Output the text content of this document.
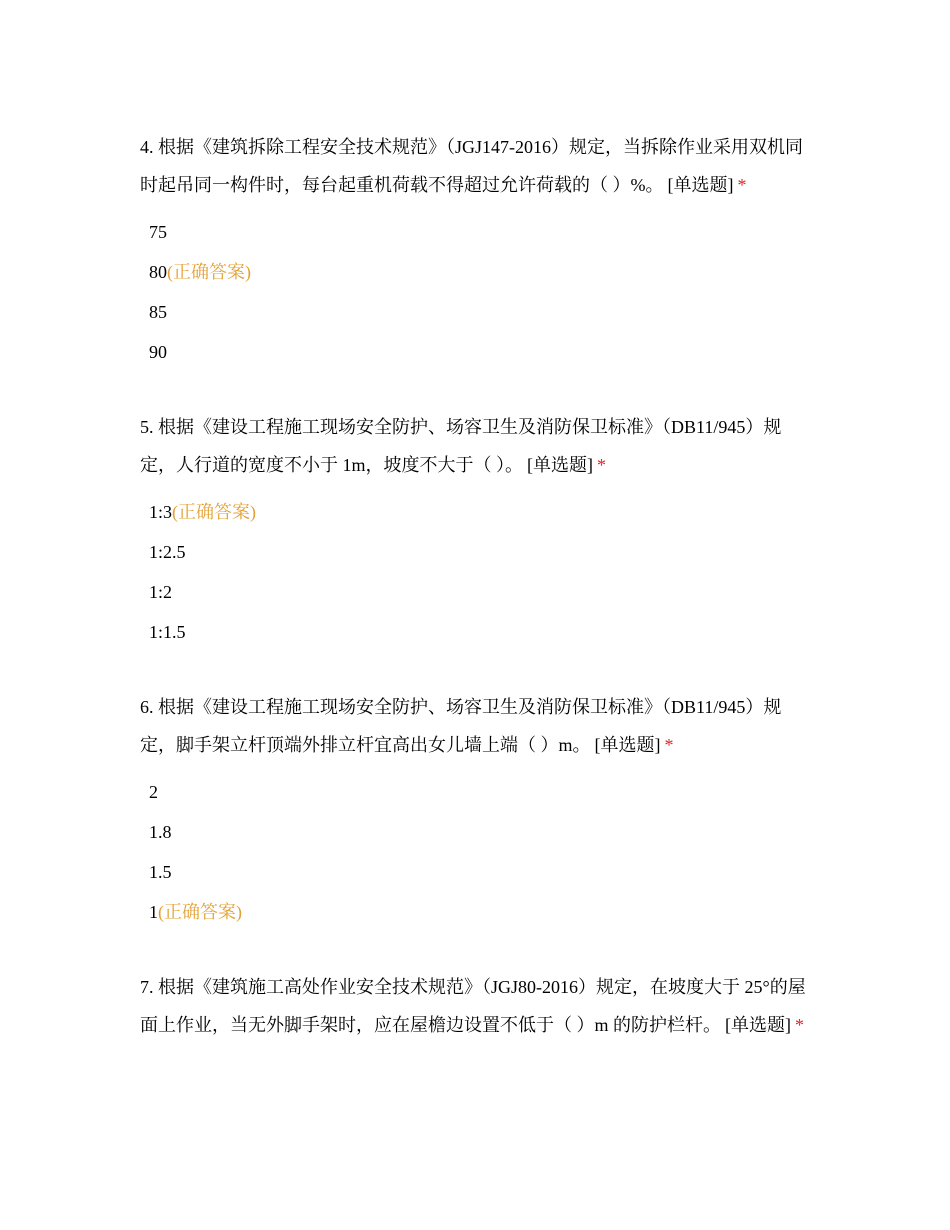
4. 根据《建筑拆除工程安全技术规范》（JGJ147-2016）规定，当拆除作业采用双机同时起吊同一构件时，每台起重机荷载不得超过允许荷载的（ ）%。 [单选题] *

75
80(正确答案)
85
90

5. 根据《建设工程施工现场安全防护、场容卫生及消防保卫标准》（DB11/945）规定，人行道的宽度不小于 1m，坡度不大于（ ）。 [单选题] *

1:3(正确答案)
1:2.5
1:2
1:1.5

6. 根据《建设工程施工现场安全防护、场容卫生及消防保卫标准》（DB11/945）规定，脚手架立杆顶端外排立杆宜高出女儿墙上端（ ）m。 [单选题] *

2
1.8
1.5
1(正确答案)

7. 根据《建筑施工高处作业安全技术规范》（JGJ80-2016）规定，在坡度大于 25°的屋面上作业，当无外脚手架时，应在屋檐边设置不低于（ ）m 的防护栏杆。 [单选题] *
